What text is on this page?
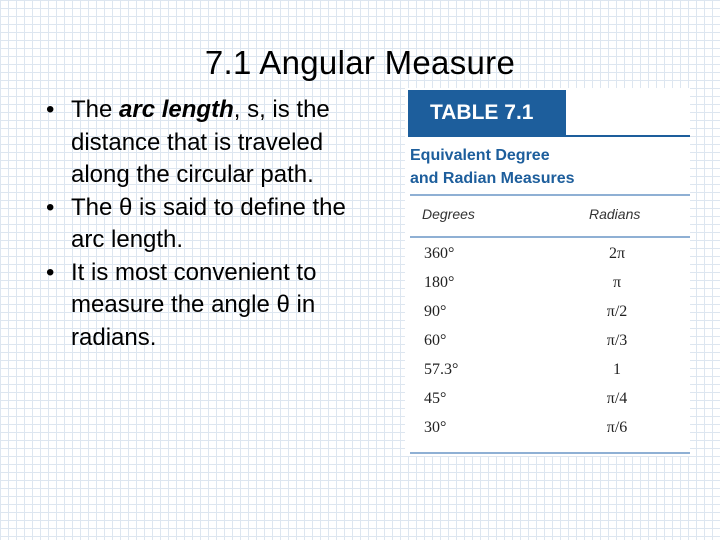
7.1 Angular Measure
• The arc length, s, is the distance that is traveled along the circular path.
• The θ is said to define the arc length.
• It is most convenient to measure the angle θ in radians.
TABLE 7.1
Equivalent Degree
and Radian Measures
Degrees	Radians
360°	2π
180°	π
90°	π/2
60°	π/3
57.3°	1
45°	π/4
30°	π/6
